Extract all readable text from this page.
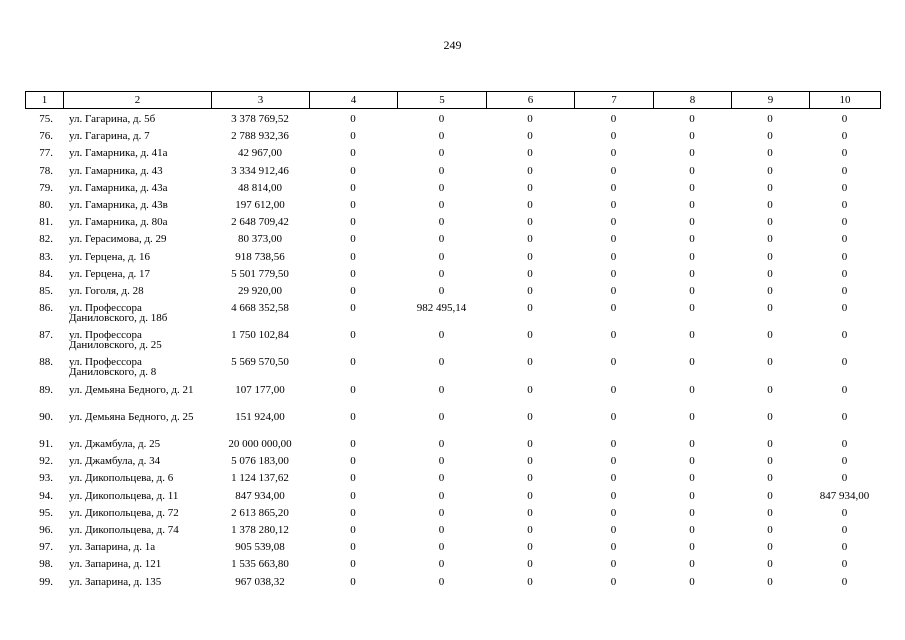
249
1	2	3	4	5	6	7	8	9	10
75.	ул. Гагарина, д. 5б	3 378 769,52	0	0	0	0	0	0	0
76.	ул. Гагарина, д. 7	2 788 932,36	0	0	0	0	0	0	0
77.	ул. Гамарника, д. 41а	42 967,00	0	0	0	0	0	0	0
78.	ул. Гамарника, д. 43	3 334 912,46	0	0	0	0	0	0	0
79.	ул. Гамарника, д. 43а	48 814,00	0	0	0	0	0	0	0
80.	ул. Гамарника, д. 43в	197 612,00	0	0	0	0	0	0	0
81.	ул. Гамарника, д. 80а	2 648 709,42	0	0	0	0	0	0	0
82.	ул. Герасимова, д. 29	80 373,00	0	0	0	0	0	0	0
83.	ул. Герцена, д. 16	918 738,56	0	0	0	0	0	0	0
84.	ул. Герцена, д. 17	5 501 779,50	0	0	0	0	0	0	0
85.	ул. Гоголя, д. 28	29 920,00	0	0	0	0	0	0	0
86.	ул. Профессора Даниловского, д. 18б	4 668 352,58	0	982 495,14	0	0	0	0	0
87.	ул. Профессора Даниловского, д. 25	1 750 102,84	0	0	0	0	0	0	0
88.	ул. Профессора Даниловского, д. 8	5 569 570,50	0	0	0	0	0	0	0
89.	ул. Демьяна Бедного, д. 21	107 177,00	0	0	0	0	0	0	0
90.	ул. Демьяна Бедного, д. 25	151 924,00	0	0	0	0	0	0	0
91.	ул. Джамбула, д. 25	20 000 000,00	0	0	0	0	0	0	0
92.	ул. Джамбула, д. 34	5 076 183,00	0	0	0	0	0	0	0
93.	ул. Дикопольцева, д. 6	1 124 137,62	0	0	0	0	0	0	0
94.	ул. Дикопольцева, д. 11	847 934,00	0	0	0	0	0	0	847 934,00
95.	ул. Дикопольцева, д. 72	2 613 865,20	0	0	0	0	0	0	0
96.	ул. Дикопольцева, д. 74	1 378 280,12	0	0	0	0	0	0	0
97.	ул. Запарина, д. 1а	905 539,08	0	0	0	0	0	0	0
98.	ул. Запарина, д. 121	1 535 663,80	0	0	0	0	0	0	0
99.	ул. Запарина, д. 135	967 038,32	0	0	0	0	0	0	0
